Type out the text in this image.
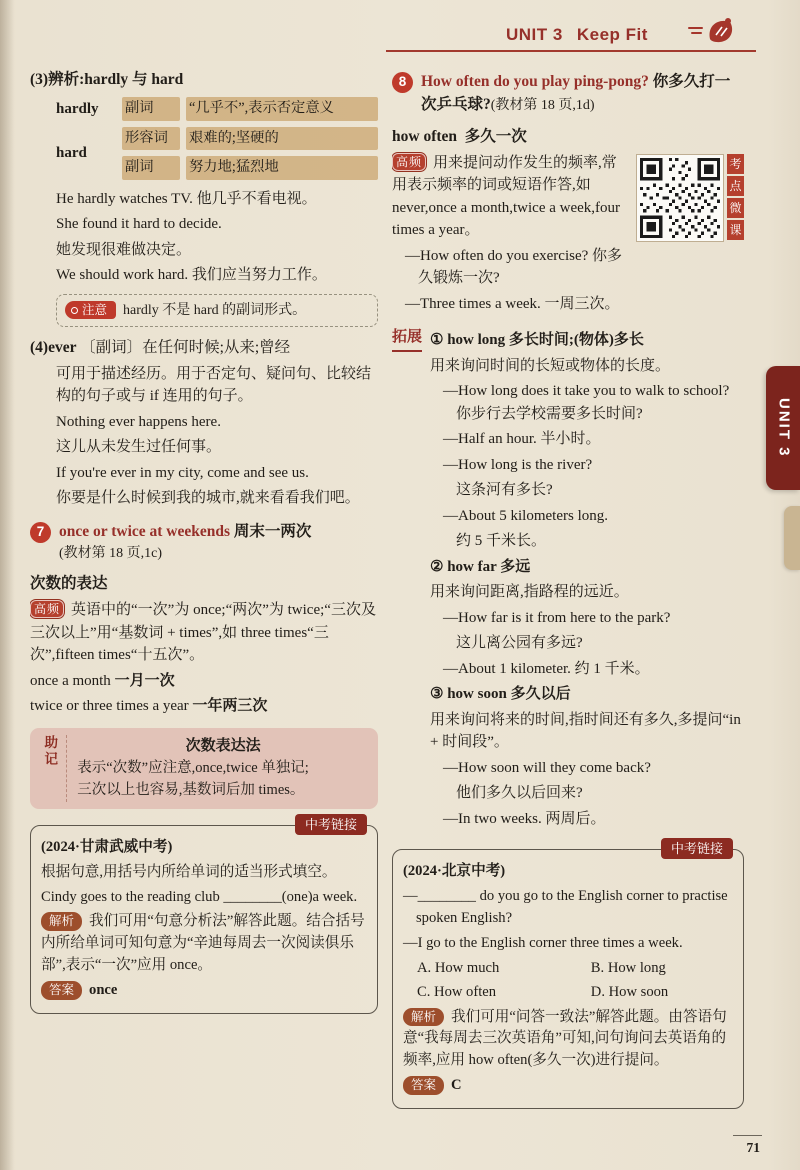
UNIT 3 Keep Fit
(3)辨析:hardly 与 hard
hardly	副词	“几乎不”,表示否定意义
hard
形容词	艰难的;坚硬的
副词	努力地;猛烈地

He hardly watches TV. 他几乎不看电视。

She found it hard to decide.

她发现很难做决定。

We should work hard. 我们应当努力工作。

注意 hardly 不是 hard 的副词形式。

(4)ever 〔副词〕在任何时候;从来;曾经

可用于描述经历。用于否定句、疑问句、比较结构的句子或与 if 连用的句子。

Nothing ever happens here.

这儿从未发生过任何事。

If you're ever in my city, come and see us.

你要是什么时候到我的城市,就来看看我们吧。

7 once or twice at weekends 周末一两次
(教材第 18 页,1c)
次数的表达

高频 英语中的“一次”为 once;“两次”为 twice;“三次及三次以上”用“基数词 + times”,如 three times“三次”,fifteen times“十五次”。

once a month 一月一次

twice or three times a year 一年两三次

助记	次数表达法
表示“次数”应注意,once,twice 单独记;
三次以上也容易,基数词后加 times。
中考链接

(2024·甘肃武威中考)

根据句意,用括号内所给单词的适当形式填空。

Cindy goes to the reading club ________(one)a week.

解析 我们可用“句意分析法”解答此题。结合括号内所给单词可知句意为“辛迪每周去一次阅读俱乐部”,表示“一次”应用 once。

答案 once

8 How often do you play ping-pong? 你多久打一次乒乓球?(教材第 18 页,1d)

how often 多久一次

考
点
微
课

高频 用来提问动作发生的频率,常用表示频率的词或短语作答,如 never,once a month,twice a week,four times a year。

—How often do you exercise? 你多久锻炼一次?

—Three times a week. 一周三次。

拓展 ① how long 多长时间;(物体)多长

用来询问时间的长短或物体的长度。

—How long does it take you to walk to school? 你步行去学校需要多长时间?

—Half an hour. 半小时。

—How long is the river?

这条河有多长?

—About 5 kilometers long.

约 5 千米长。

② how far 多远

用来询问距离,指路程的远近。

—How far is it from here to the park?

这儿离公园有多远?

—About 1 kilometer. 约 1 千米。

③ how soon 多久以后

用来询问将来的时间,指时间还有多久,多提问“in + 时间段”。

—How soon will they come back?

他们多久以后回来?

—In two weeks. 两周后。

中考链接

(2024·北京中考)

—________ do you go to the English corner to practise spoken English?

—I go to the English corner three times a week.

A. How much	B. How long
C. How often	D. How soon

解析 我们可用“问答一致法”解答此题。由答语句意“我每周去三次英语角”可知,问句询问去英语角的频率,应用 how often(多久一次)进行提问。

答案 C

UNIT 3
71
